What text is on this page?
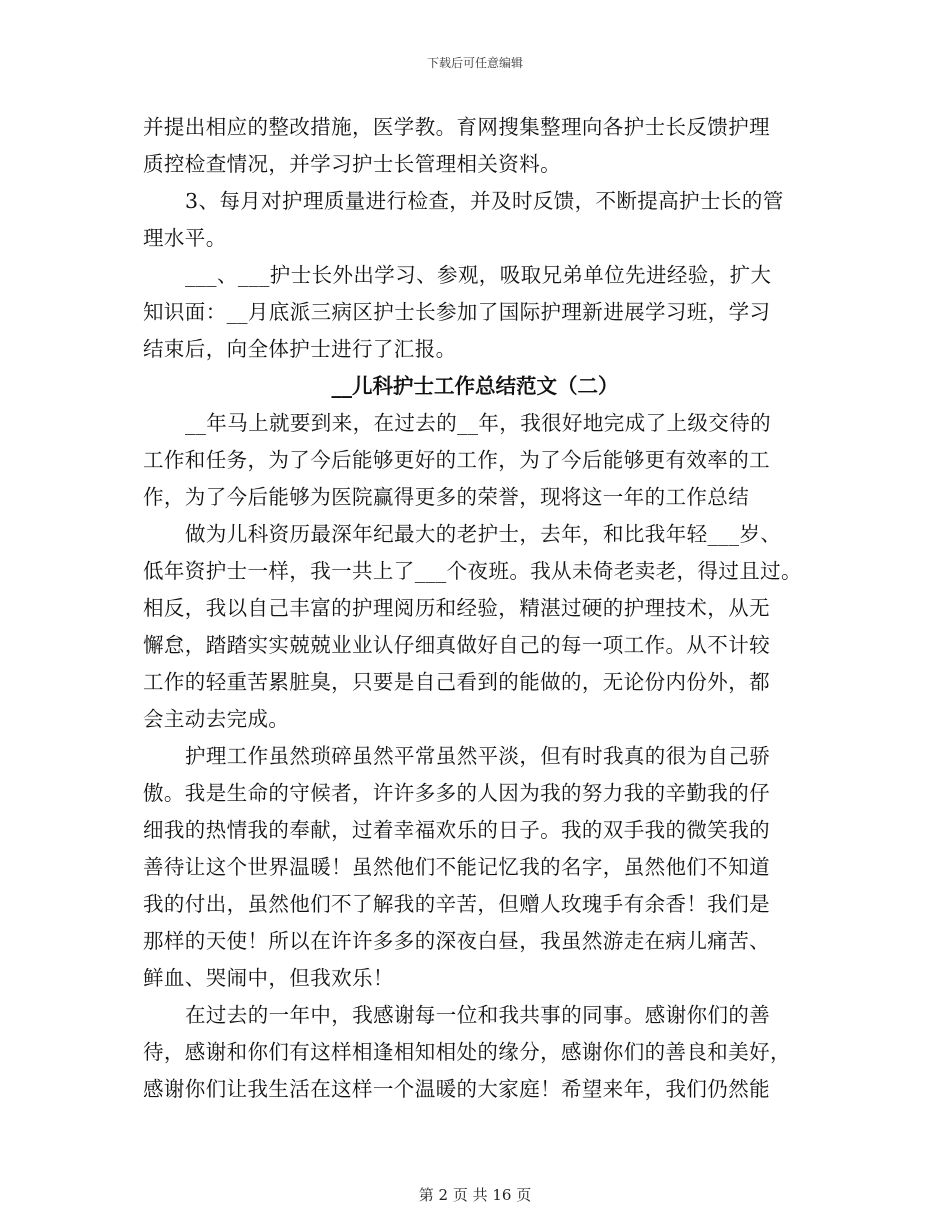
下载后可任意编辑
并提出相应的整改措施，医学教。育网搜集整理向各护士长反馈护理
质控检查情况，并学习护士长管理相关资料。
3、每月对护理质量进行检查，并及时反馈，不断提高护士长的管
理水平。
___、___护士长外出学习、参观，吸取兄弟单位先进经验，扩大
知识面：__月底派三病区护士长参加了国际护理新进展学习班，学习
结束后，向全体护士进行了汇报。
__儿科护士工作总结范文（二）
__年马上就要到来，在过去的__年，我很好地完成了上级交待的
工作和任务，为了今后能够更好的工作，为了今后能够更有效率的工
作，为了今后能够为医院赢得更多的荣誉，现将这一年的工作总结
做为儿科资历最深年纪最大的老护士，去年，和比我年轻___岁、
低年资护士一样，我一共上了___个夜班。我从未倚老卖老，得过且过。
相反，我以自己丰富的护理阅历和经验，精湛过硬的护理技术，从无
懈怠，踏踏实实兢兢业业认仔细真做好自己的每一项工作。从不计较
工作的轻重苦累脏臭，只要是自己看到的能做的，无论份内份外，都
会主动去完成。
护理工作虽然琐碎虽然平常虽然平淡，但有时我真的很为自己骄
傲。我是生命的守候者，许许多多的人因为我的努力我的辛勤我的仔
细我的热情我的奉献，过着幸福欢乐的日子。我的双手我的微笑我的
善待让这个世界温暖！虽然他们不能记忆我的名字，虽然他们不知道
我的付出，虽然他们不了解我的辛苦，但赠人玫瑰手有余香！我们是
那样的天使！所以在许许多多的深夜白昼，我虽然游走在病儿痛苦、
鲜血、哭闹中，但我欢乐！
在过去的一年中，我感谢每一位和我共事的同事。感谢你们的善
待，感谢和你们有这样相逢相知相处的缘分，感谢你们的善良和美好，
感谢你们让我生活在这样一个温暖的大家庭！希望来年，我们仍然能
第 2 页 共 16 页
